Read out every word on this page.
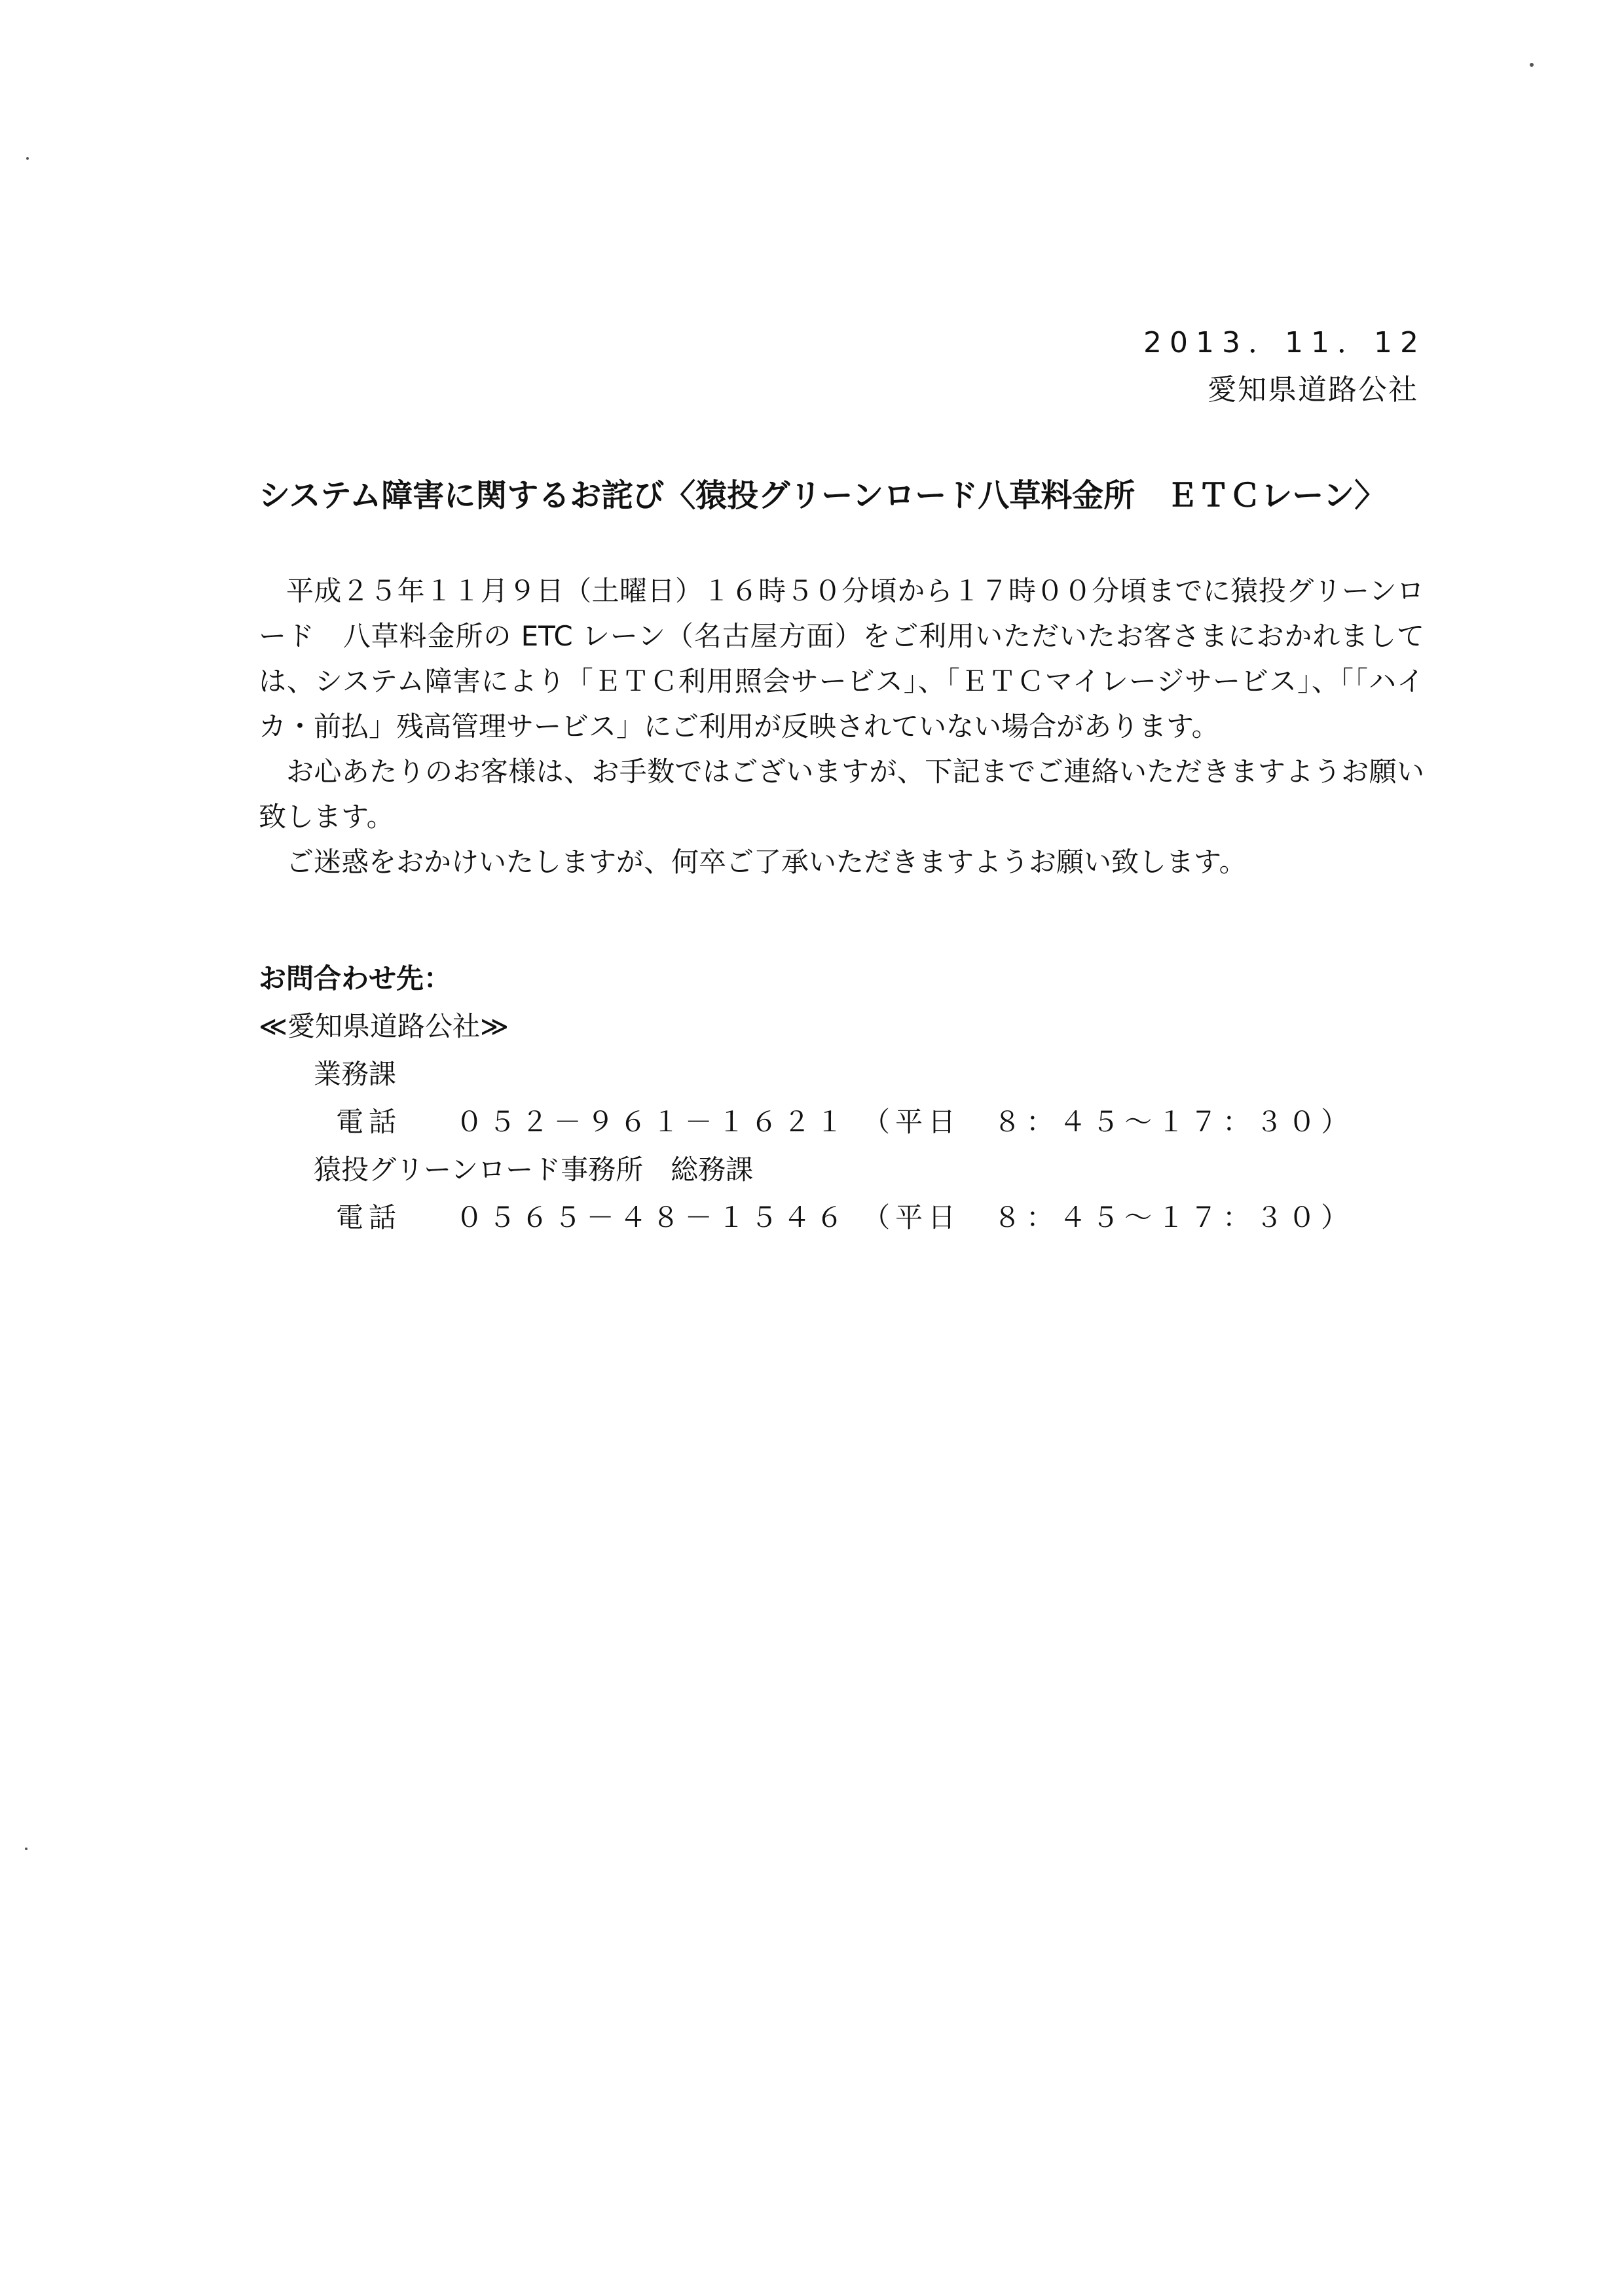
2013．11．12
愛知県道路公社
システム障害に関するお詫び〈猿投グリーンロード八草料金所　ＥＴＣレーン〉

平成２５年１１月９日（土曜日）１６時５０分頃から１７時００分頃までに猿投グリーンロード　八草料金所の ETC レーン（名古屋方面）をご利用いただいたお客さまにおかれましては、システム障害により「ＥＴＣ利用照会サービス」、「ＥＴＣマイレージサービス」、「「ハイカ・前払」残高管理サービス」にご利用が反映されていない場合があります。

お心あたりのお客様は、お手数ではございますが、下記までご連絡いただきますようお願い致します。

ご迷惑をおかけいたしますが、何卒ご了承いただきますようお願い致します。

お問合わせ先：
≪愛知県道路公社≫
業務課
電話 ０５２－９６１－１６２１ （平日　８：４５～１７：３０）
猿投グリーンロード事務所　総務課
電話 ０５６５－４８－１５４６ （平日　８：４５～１７：３０）
